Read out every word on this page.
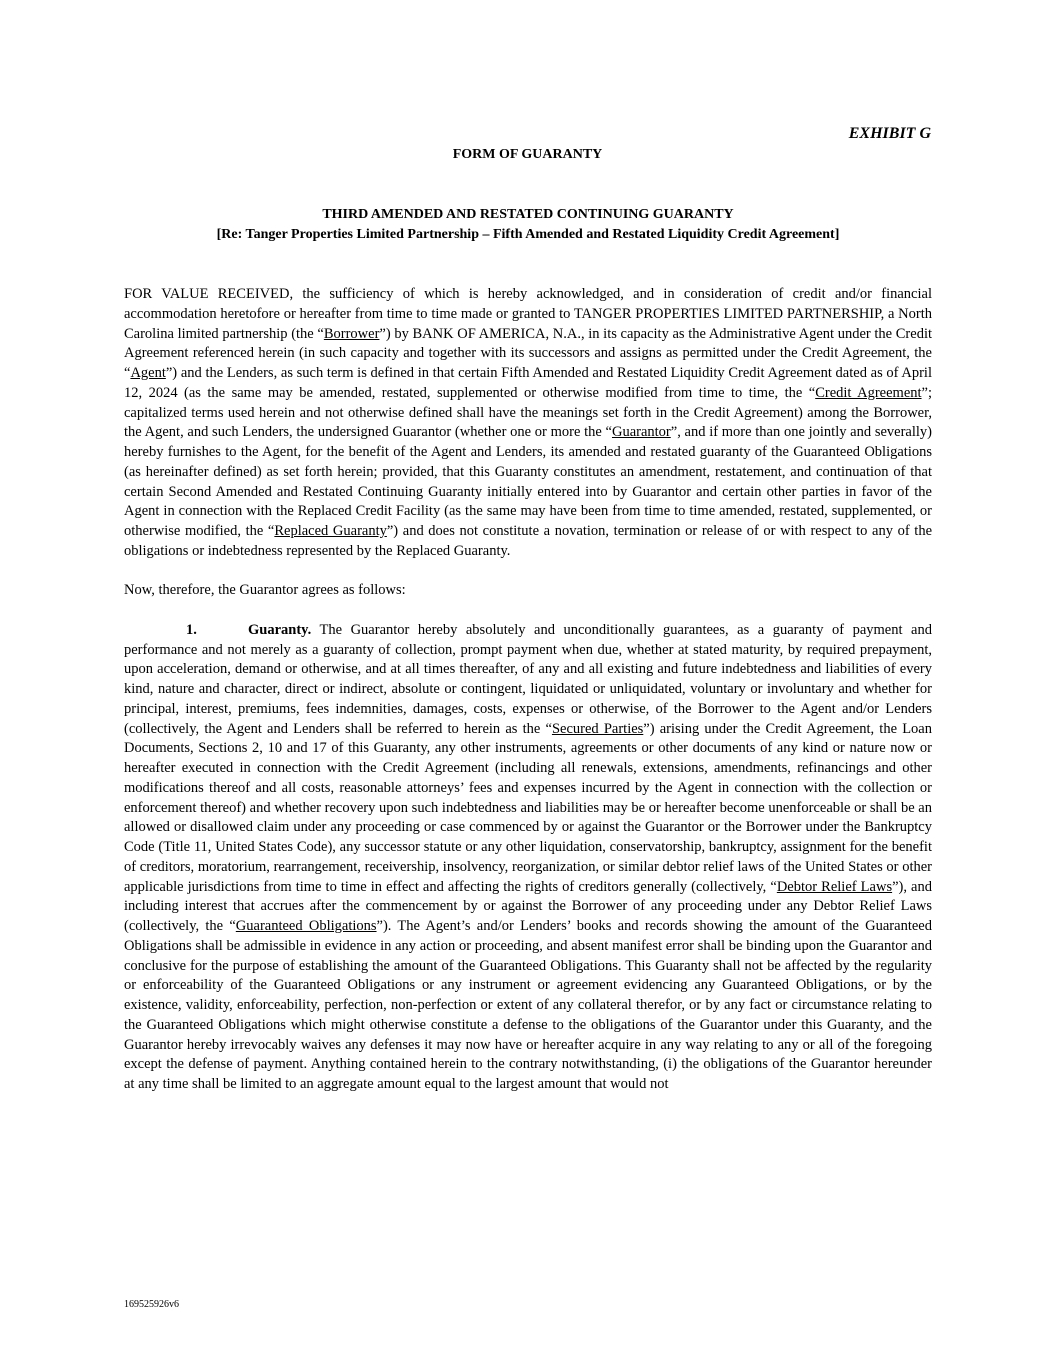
EXHIBIT G
FORM OF GUARANTY
THIRD AMENDED AND RESTATED CONTINUING GUARANTY
[Re: Tanger Properties Limited Partnership – Fifth Amended and Restated Liquidity Credit Agreement]

FOR VALUE RECEIVED, the sufficiency of which is hereby acknowledged, and in consideration of credit and/or financial accommodation heretofore or hereafter from time to time made or granted to TANGER PROPERTIES LIMITED PARTNERSHIP, a North Carolina limited partnership (the “Borrower”) by BANK OF AMERICA, N.A., in its capacity as the Administrative Agent under the Credit Agreement referenced herein (in such capacity and together with its successors and assigns as permitted under the Credit Agreement, the “Agent”) and the Lenders, as such term is defined in that certain Fifth Amended and Restated Liquidity Credit Agreement dated as of April 12, 2024 (as the same may be amended, restated, supplemented or otherwise modified from time to time, the “Credit Agreement”; capitalized terms used herein and not otherwise defined shall have the meanings set forth in the Credit Agreement) among the Borrower, the Agent, and such Lenders, the undersigned Guarantor (whether one or more the “Guarantor”, and if more than one jointly and severally) hereby furnishes to the Agent, for the benefit of the Agent and Lenders, its amended and restated guaranty of the Guaranteed Obligations (as hereinafter defined) as set forth herein; provided, that this Guaranty constitutes an amendment, restatement, and continuation of that certain Second Amended and Restated Continuing Guaranty initially entered into by Guarantor and certain other parties in favor of the Agent in connection with the Replaced Credit Facility (as the same may have been from time to time amended, restated, supplemented, or otherwise modified, the “Replaced Guaranty”) and does not constitute a novation, termination or release of or with respect to any of the obligations or indebtedness represented by the Replaced Guaranty.

Now, therefore, the Guarantor agrees as follows:

1.	Guaranty. The Guarantor hereby absolutely and unconditionally guarantees, as a guaranty of payment and performance and not merely as a guaranty of collection, prompt payment when due, whether at stated maturity, by required prepayment, upon acceleration, demand or otherwise, and at all times thereafter, of any and all existing and future indebtedness and liabilities of every kind, nature and character, direct or indirect, absolute or contingent, liquidated or unliquidated, voluntary or involuntary and whether for principal, interest, premiums, fees indemnities, damages, costs, expenses or otherwise, of the Borrower to the Agent and/or Lenders (collectively, the Agent and Lenders shall be referred to herein as the “Secured Parties”) arising under the Credit Agreement, the Loan Documents, Sections 2, 10 and 17 of this Guaranty, any other instruments, agreements or other documents of any kind or nature now or hereafter executed in connection with the Credit Agreement (including all renewals, extensions, amendments, refinancings and other modifications thereof and all costs, reasonable attorneys’ fees and expenses incurred by the Agent in connection with the collection or enforcement thereof) and whether recovery upon such indebtedness and liabilities may be or hereafter become unenforceable or shall be an allowed or disallowed claim under any proceeding or case commenced by or against the Guarantor or the Borrower under the Bankruptcy Code (Title 11, United States Code), any successor statute or any other liquidation, conservatorship, bankruptcy, assignment for the benefit of creditors, moratorium, rearrangement, receivership, insolvency, reorganization, or similar debtor relief laws of the United States or other applicable jurisdictions from time to time in effect and affecting the rights of creditors generally (collectively, “Debtor Relief Laws”), and including interest that accrues after the commencement by or against the Borrower of any proceeding under any Debtor Relief Laws (collectively, the “Guaranteed Obligations”). The Agent’s and/or Lenders’ books and records showing the amount of the Guaranteed Obligations shall be admissible in evidence in any action or proceeding, and absent manifest error shall be binding upon the Guarantor and conclusive for the purpose of establishing the amount of the Guaranteed Obligations. This Guaranty shall not be affected by the regularity or enforceability of the Guaranteed Obligations or any instrument or agreement evidencing any Guaranteed Obligations, or by the existence, validity, enforceability, perfection, non-perfection or extent of any collateral therefor, or by any fact or circumstance relating to the Guaranteed Obligations which might otherwise constitute a defense to the obligations of the Guarantor under this Guaranty, and the Guarantor hereby irrevocably waives any defenses it may now have or hereafter acquire in any way relating to any or all of the foregoing except the defense of payment. Anything contained herein to the contrary notwithstanding, (i) the obligations of the Guarantor hereunder at any time shall be limited to an aggregate amount equal to the largest amount that would not

169525926v6
